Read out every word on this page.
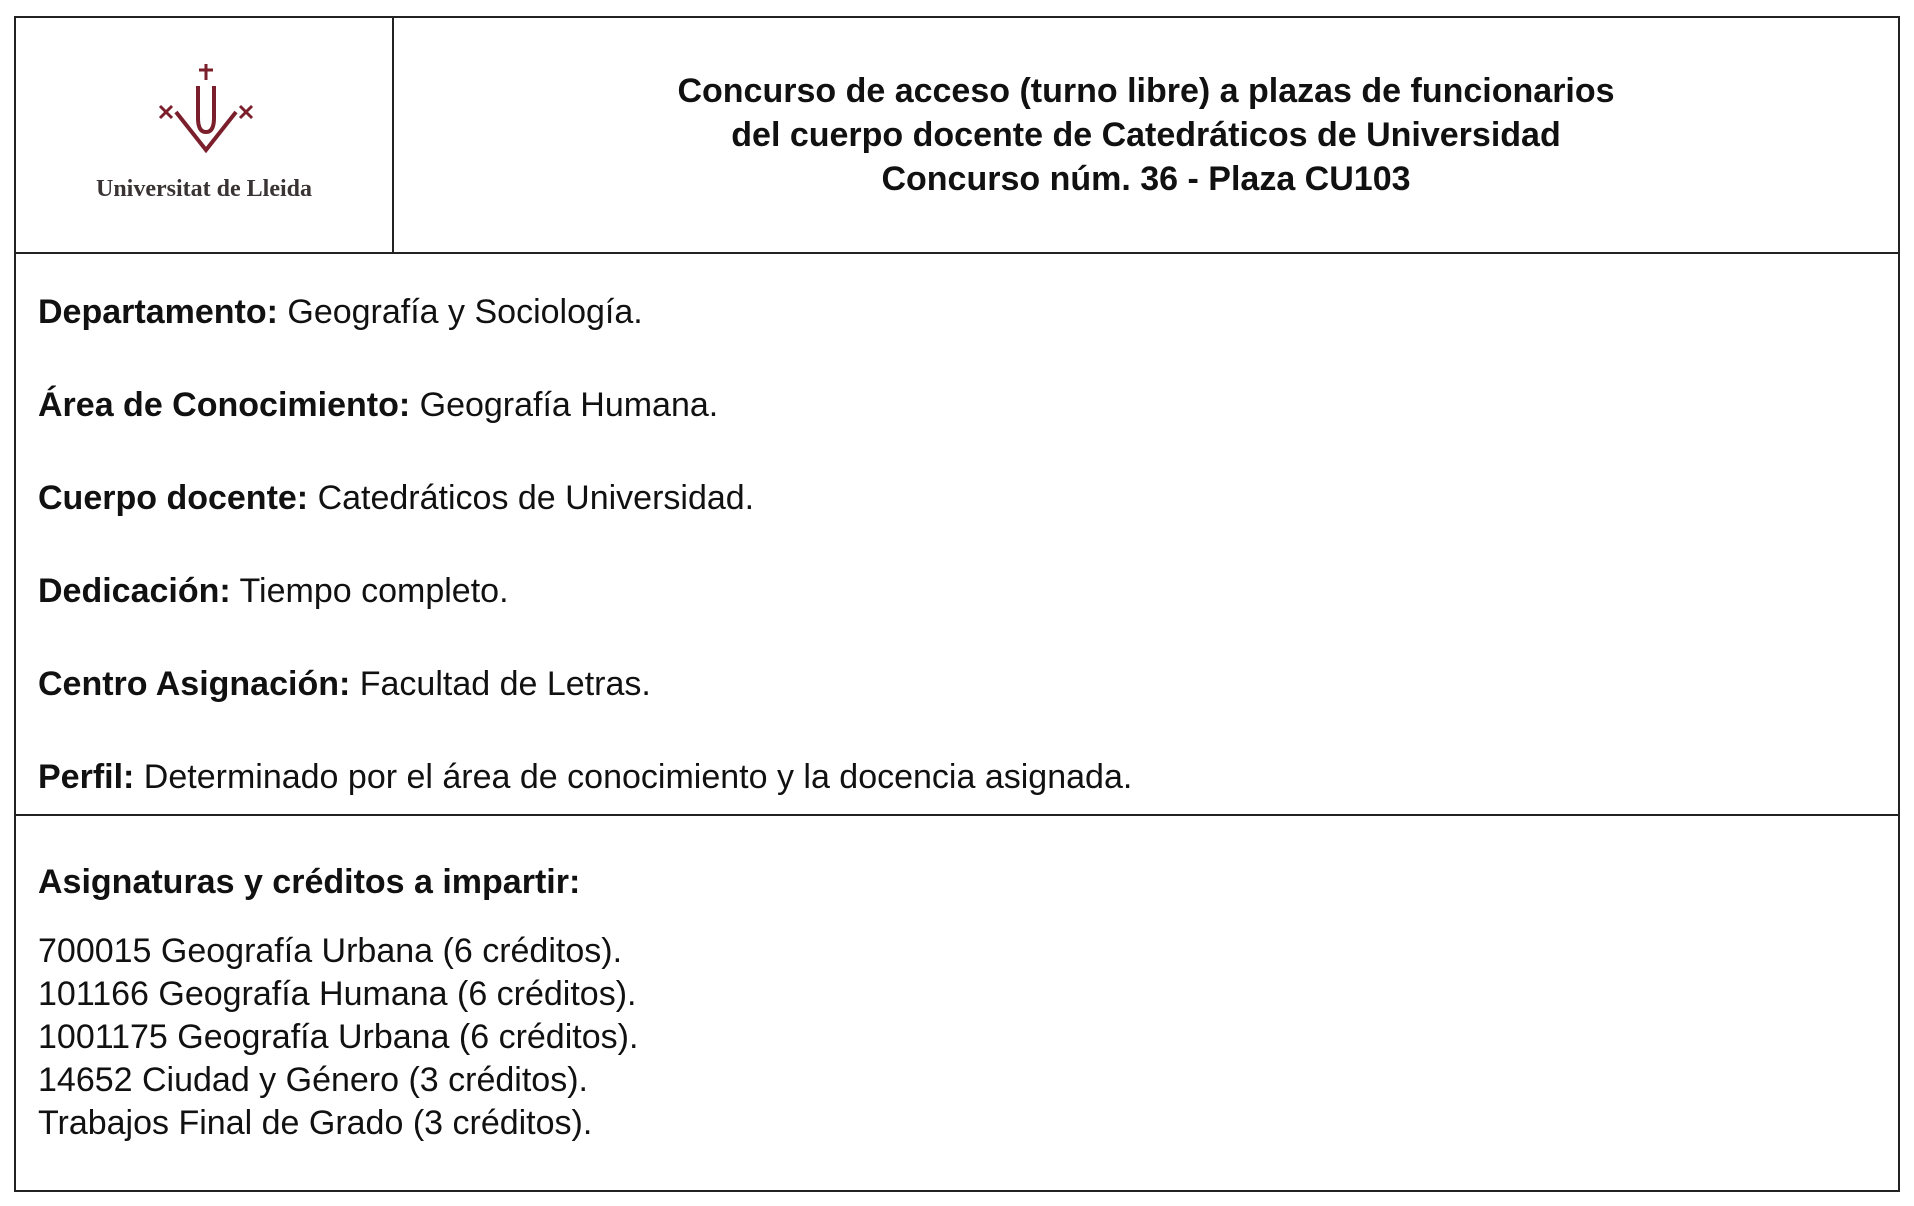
Universitat de Lleida
Concurso de acceso (turno libre) a plazas de funcionarios
del cuerpo docente de Catedráticos de Universidad
Concurso núm. 36 - Plaza CU103
Departamento: Geografía y Sociología.
Área de Conocimiento: Geografía Humana.
Cuerpo docente: Catedráticos de Universidad.
Dedicación: Tiempo completo.
Centro Asignación: Facultad de Letras.
Perfil: Determinado por el área de conocimiento y la docencia asignada.
Asignaturas y créditos a impartir:
700015 Geografía Urbana (6 créditos).
101166 Geografía Humana (6 créditos).
1001175 Geografía Urbana (6 créditos).
14652 Ciudad y Género (3 créditos).
Trabajos Final de Grado (3 créditos).
